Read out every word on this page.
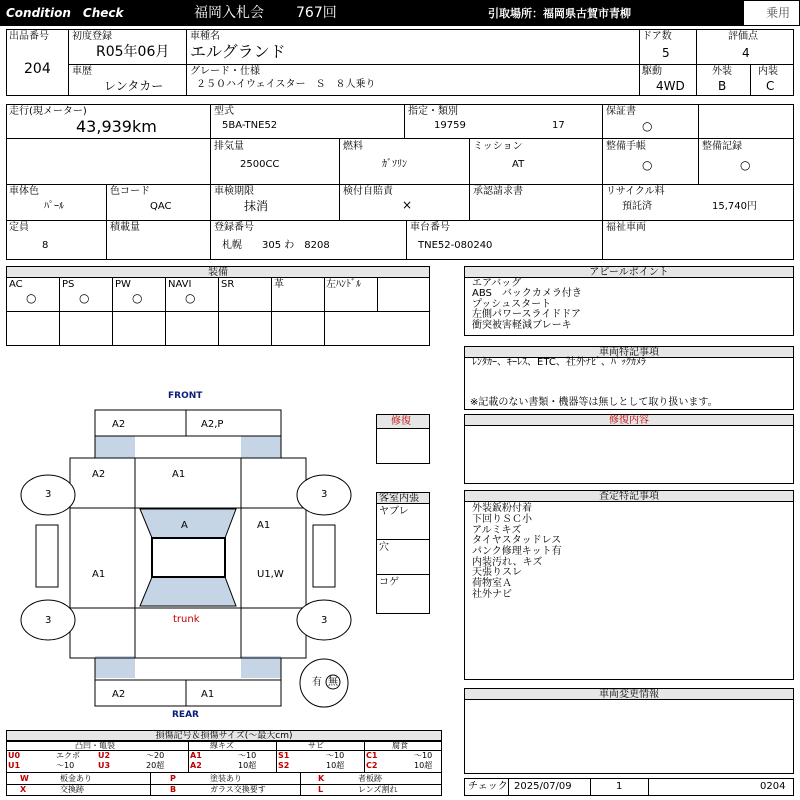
Condition　Check	福岡入札会 767回	引取場所：福岡県古賀市青柳	乗用
出品番号
204
初度登録
R05年06月
車種名
エルグランド
ドア数
5
評価点
4
車歴
レンタカー
グレード・仕様
２５０ハイウェイスター　Ｓ　８人乗り
駆動
4WD
外装
B
内装
C
走行(現メーター)
43,939km
型式
5BA-TNE52
指定・類別
19759	17
保証書
○
排気量
2500CC
燃料
ｶﾞｿﾘﾝ
ミッション
AT
整備手帳
○
整備記録
○
車体色
ﾊﾟｰﾙ
色コード
QAC
車検期限
抹消
検付自賠責
×
承認請求書	リサイクル料
預託済	15,740円
定員
8
積載量	登録番号
札幌　　305 わ　8208
車台番号
TNE52-080240
福祉車両
装備
AC
○
PS
○
PW
○
NAVI
○
SR	革	左ﾊﾝﾄﾞﾙ
アピールポイント
エアバッグ
ABS　バックカメラ付き
プッシュスタート
左側パワースライドドア
衝突被害軽減ブレーキ
車両特記事項
ﾚﾝﾀｶｰ、ｷｰﾚｽ、ETC、社外ﾅﾋﾞ、ﾊﾞｯｸｶﾒﾗ
※記載のない書類・機器等は無しとして取り扱います。
修復	修復内容
客室内張
ヤブレ
穴
コゲ
査定特記事項
外装鈑粉付着
下回りＳＣ小
アルミキズ
タイヤスタッドレス
パンク修理キット有
内装汚れ、キズ
天張りスレ
荷物室Ａ
社外ナビ
車両変更情報
FRONT
REAR
trunk
A2	A2,P
A2	A1
A	A1
A1	U1,W
A2	A1
3	3
3	3
有 無
損傷記号＆損傷サイズ(～最大cm)
凸凹・亀裂	線キズ	サビ	腐食
U0	エクボ U2	～20	A1	～10	S1	～10	C1	～10
U1	～10	U3	20超	A2	10超	S2	10超	C2	10超
W	板金あり	P	塗装あり	K	者板跡
X	交換跡	B	ガラス交換要す	L	レンズ割れ	チェック 2025/07/09	1	0204
